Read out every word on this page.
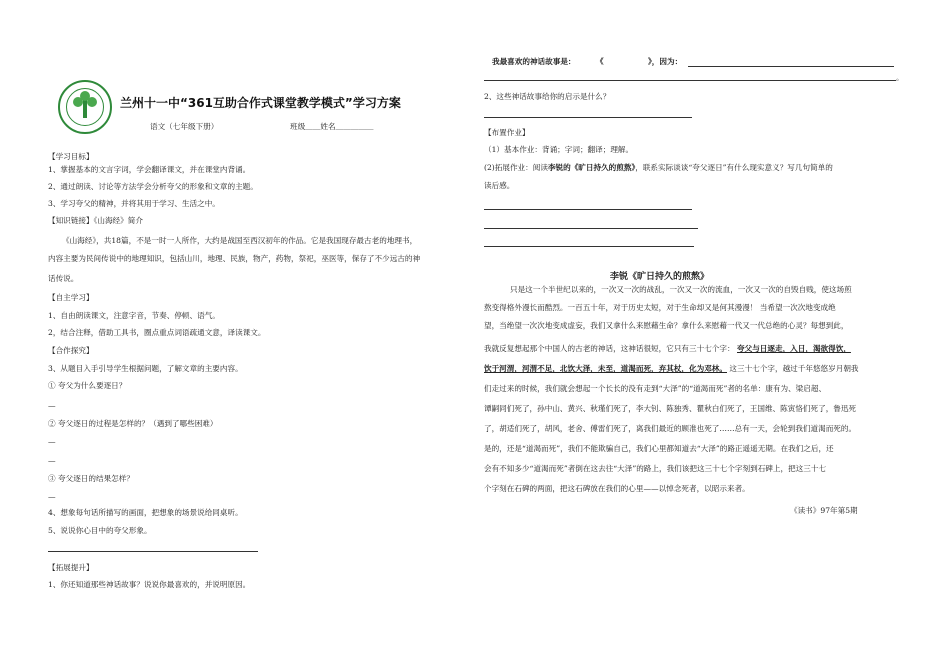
兰州十一中“361互助合作式课堂教学模式”学习方案
语文（七年级下册）	班级＿＿姓名＿＿＿＿＿
【学习目标】
1、掌握基本的文言字词，学会翻译课文，并在课堂内背诵。
2、通过朗读、讨论等方法学会分析夸父的形象和文章的主题。
3、学习夸父的精神，并将其用于学习、生活之中。
【知识链接】《山海经》简介
《山海经》，共18篇，不是一时一人所作，大约是战国至西汉初年的作品。它是我国现存最古老的地理书，
内容主要为民间传说中的地理知识，包括山川，地理、民族，物产，药物，祭祀，巫医等，保存了不少远古的神
话传说。
【自主学习】
1、自由朗读课文，注意字音，节奏、停顿、语气。
2，结合注释，借助工具书，圈点重点词语疏通文意，译读课文。
【合作探究】
3、从题目入手引导学生根据问题，了解文章的主要内容。
① 夸父为什么要逐日？
—
② 夸父逐日的过程是怎样的？（遇到了哪些困难）
—
—
③ 夸父逐日的结果怎样？
—
4、想象每句话所描写的画面，把想象的场景说给同桌听。
5、说说你心目中的夸父形象。
【拓展提升】
1、你还知道那些神话故事？说说你最喜欢的，并说明原因。
我最喜欢的神话故事是：	《	》，因为：
。
2、这些神话故事给你的启示是什么？
【布置作业】
（1）基本作业：背诵；字词；翻译；理解。
(2)拓展作业：阅读李锐的《旷日持久的煎熬》，联系实际谈谈“夸父逐日”有什么现实意义？写几句简单的
读后感。
李锐《旷日持久的煎熬》
只是这一个半世纪以来的，一次又一次的战乱，一次又一次的流血，一次又一次的自毁自贱，使这场煎
熬变得格外漫长而酷烈。一百五十年，对于历史太短，对于生命却又是何其漫漫！ 当希望一次次地变成绝
望，当绝望一次次地变成虚妄，我们又拿什么来慰藉生命？拿什么来慰藉一代又一代总绝的心灵？每想到此，
我就反复想起那个中国人的古老的神话，这神话很短，它只有三十七个字： 夸父与日逐走，入日，渴欲得饮，
饮于河渭，河渭不足，北饮大泽，未至，道渴而死，弃其杖，化为邓林。 这三十七个字，越过千年悠悠岁月朝我
们走过来的时候，我们就会想起一个长长的没有走到“大泽”的“道渴而死”者的名单：康有为、梁启超、
谭嗣同们死了，孙中山、黄兴、秋瑾们死了，李大钊、陈独秀、瞿秋白们死了，王国维、陈寅恪们死了，鲁迅死
了，胡适们死了，胡风，老舍、傅雷们死了，离我们最近的顾准也死了……总有一天，会轮到我们道渴而死的。
是的，还是“道渴而死”，我们不能欺骗自己，我们心里都知道去“大泽”的路正遥遥无期。在我们之后，还
会有不知多少“道渴而死”者倒在这去往“大泽”的路上，我们该把这三十七个字刻到石碑上，把这三十七
个字刻在石碑的两面，把这石碑放在我们的心里——以悼念死者，以昭示来者。
《读书》97年第5期
